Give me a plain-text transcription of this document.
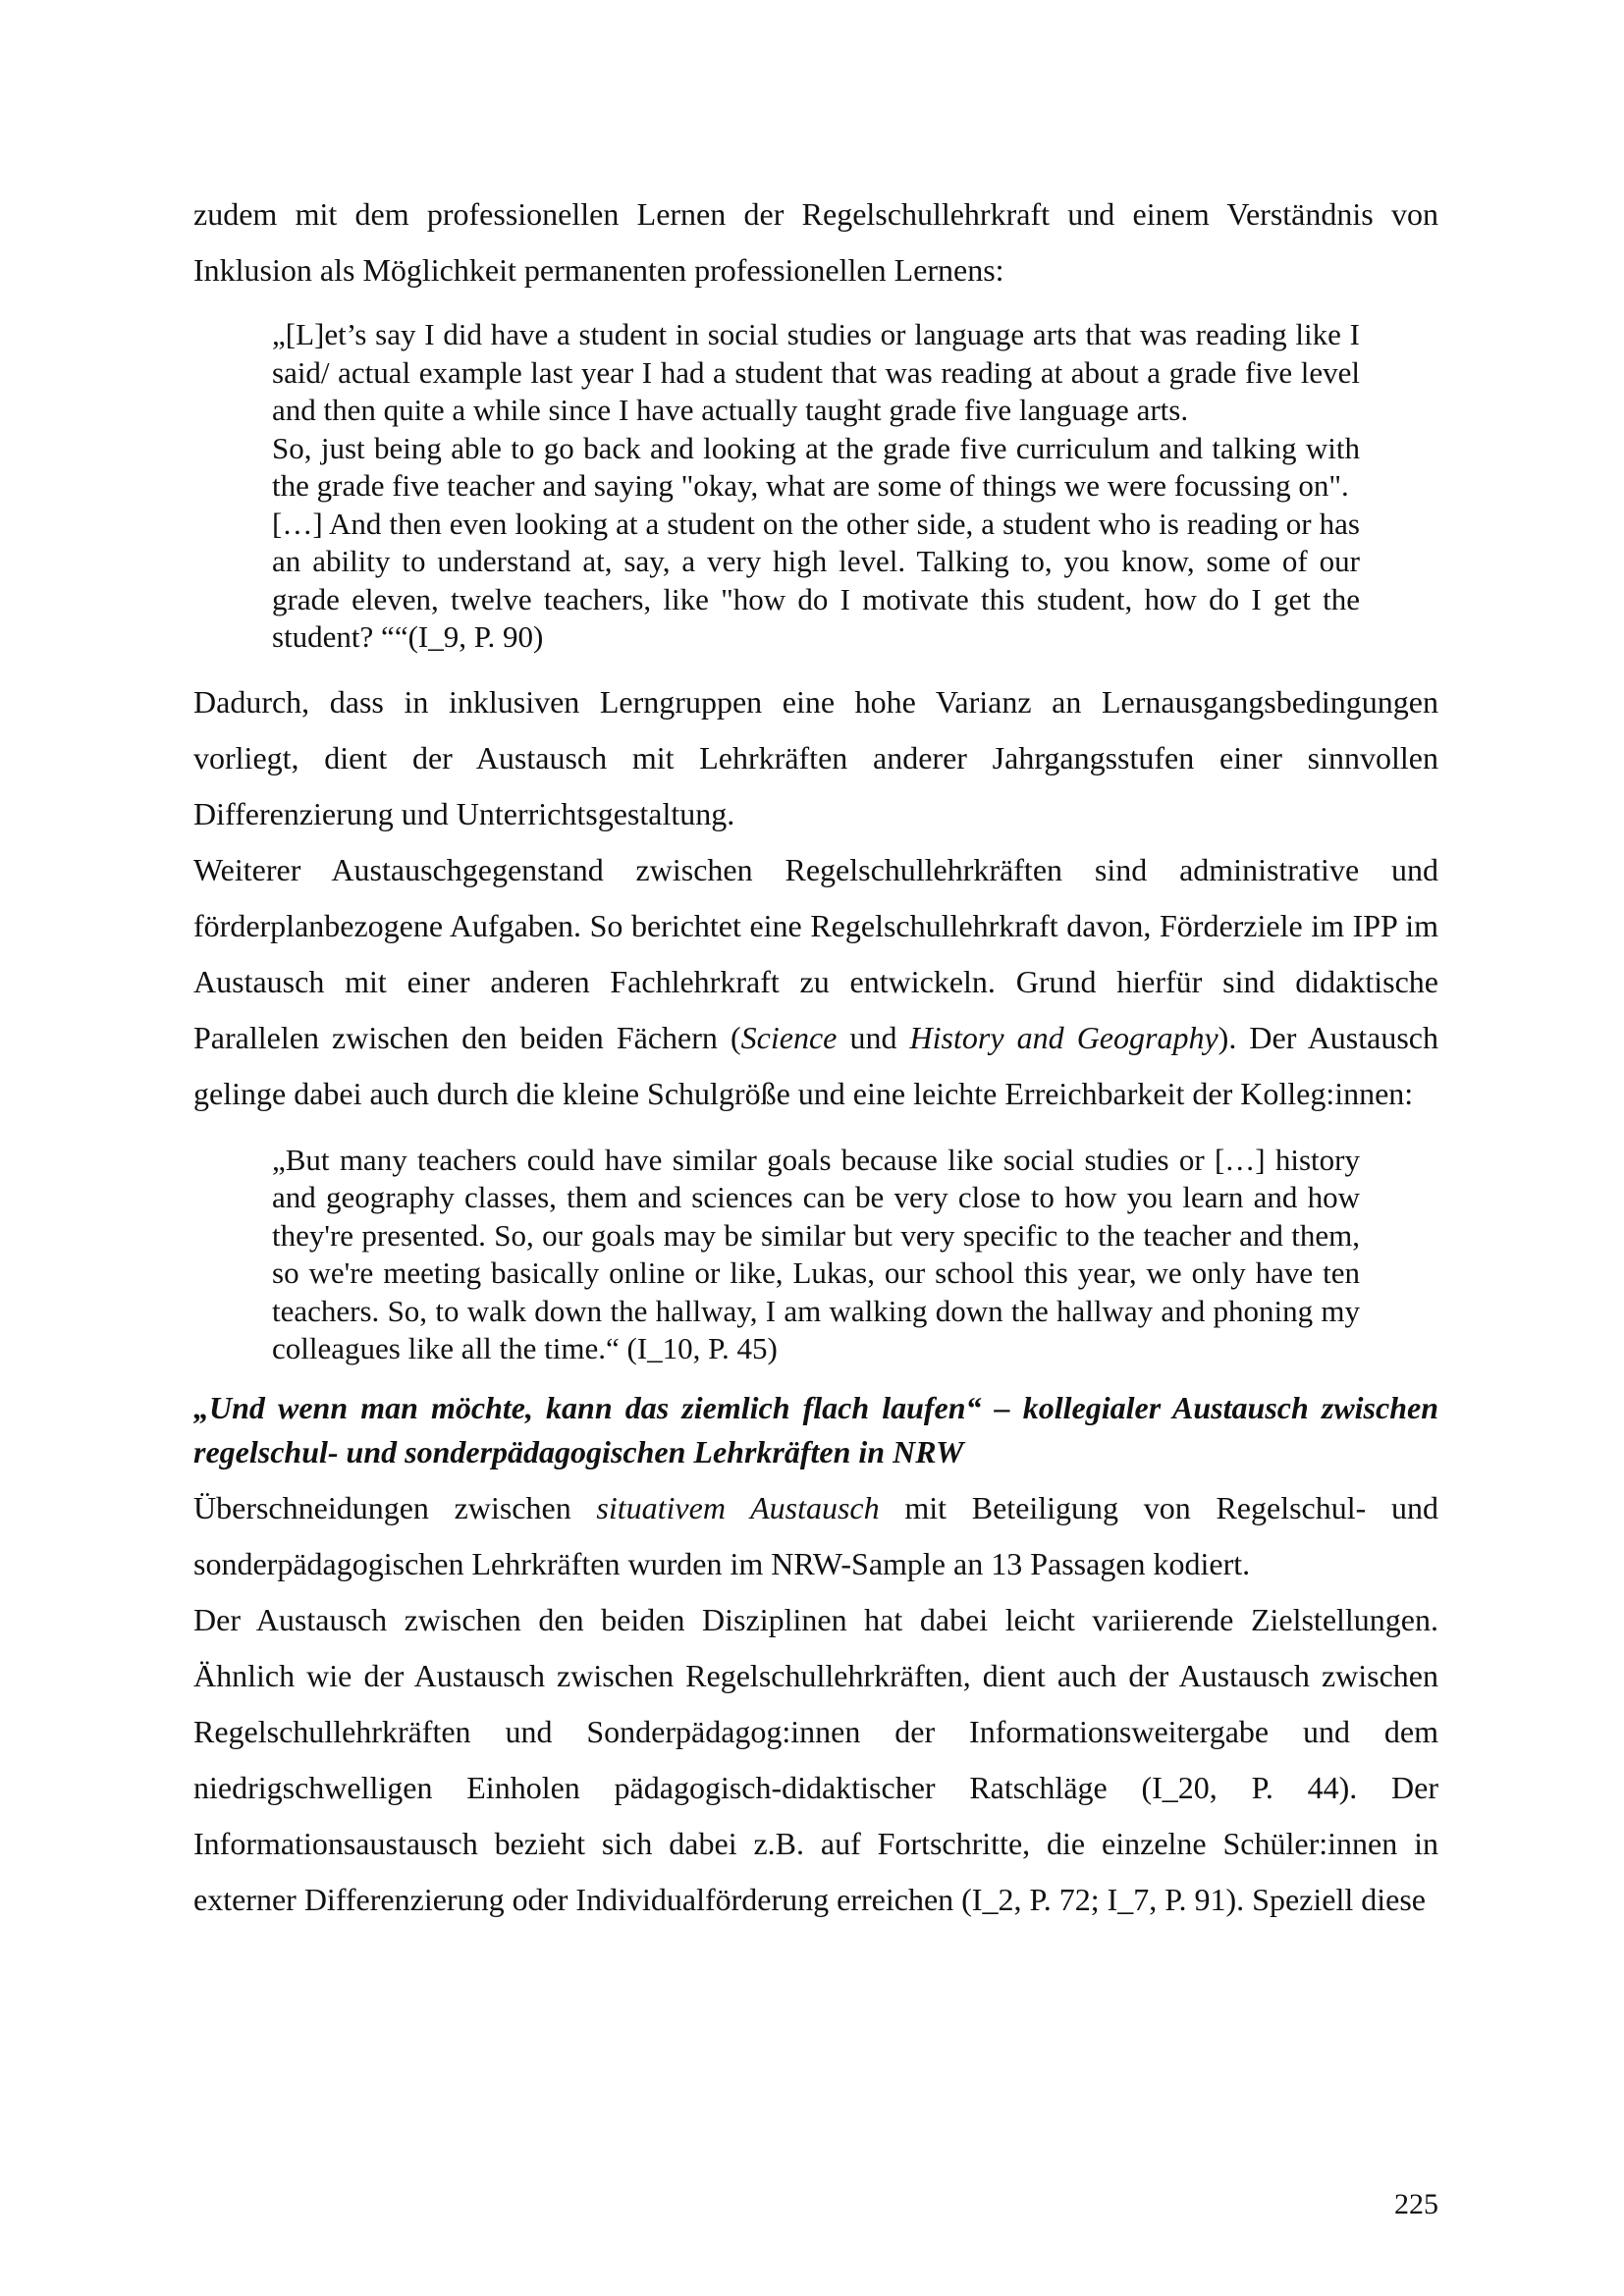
zudem mit dem professionellen Lernen der Regelschullehrkraft und einem Verständnis von Inklusion als Möglichkeit permanenten professionellen Lernens:

„[L]et’s say I did have a student in social studies or language arts that was reading like I said/ actual example last year I had a student that was reading at about a grade five level and then quite a while since I have actually taught grade five language arts.
So, just being able to go back and looking at the grade five curriculum and talking with the grade five teacher and saying "okay, what are some of things we were focussing on".
[…] And then even looking at a student on the other side, a student who is reading or has an ability to understand at, say, a very high level. Talking to, you know, some of our grade eleven, twelve teachers, like "how do I motivate this student, how do I get the student? ““(I_9, P. 90)

Dadurch, dass in inklusiven Lerngruppen eine hohe Varianz an Lernausgangsbedingungen vorliegt, dient der Austausch mit Lehrkräften anderer Jahrgangsstufen einer sinnvollen Differenzierung und Unterrichtsgestaltung.

Weiterer Austauschgegenstand zwischen Regelschullehrkräften sind administrative und förderplanbezogene Aufgaben. So berichtet eine Regelschullehrkraft davon, Förderziele im IPP im Austausch mit einer anderen Fachlehrkraft zu entwickeln. Grund hierfür sind didaktische Parallelen zwischen den beiden Fächern (Science und History and Geography). Der Austausch gelinge dabei auch durch die kleine Schulgröße und eine leichte Erreichbarkeit der Kolleg:innen:

„But many teachers could have similar goals because like social studies or […] history and geography classes, them and sciences can be very close to how you learn and how they're presented. So, our goals may be similar but very specific to the teacher and them, so we're meeting basically online or like, Lukas, our school this year, we only have ten teachers. So, to walk down the hallway, I am walking down the hallway and phoning my colleagues like all the time.“ (I_10, P. 45)

„Und wenn man möchte, kann das ziemlich flach laufen“ – kollegialer Austausch zwischen regelschul- und sonderpädagogischen Lehrkräften in NRW

Überschneidungen zwischen situativem Austausch mit Beteiligung von Regelschul- und sonderpädagogischen Lehrkräften wurden im NRW-Sample an 13 Passagen kodiert.

Der Austausch zwischen den beiden Disziplinen hat dabei leicht variierende Zielstellungen. Ähnlich wie der Austausch zwischen Regelschullehrkräften, dient auch der Austausch zwischen Regelschullehrkräften und Sonderpädagog:innen der Informationsweitergabe und dem niedrigschwelligen Einholen pädagogisch-didaktischer Ratschläge (I_20, P. 44). Der Informationsaustausch bezieht sich dabei z.B. auf Fortschritte, die einzelne Schüler:innen in externer Differenzierung oder Individualförderung erreichen (I_2, P. 72; I_7, P. 91). Speziell diese

225
